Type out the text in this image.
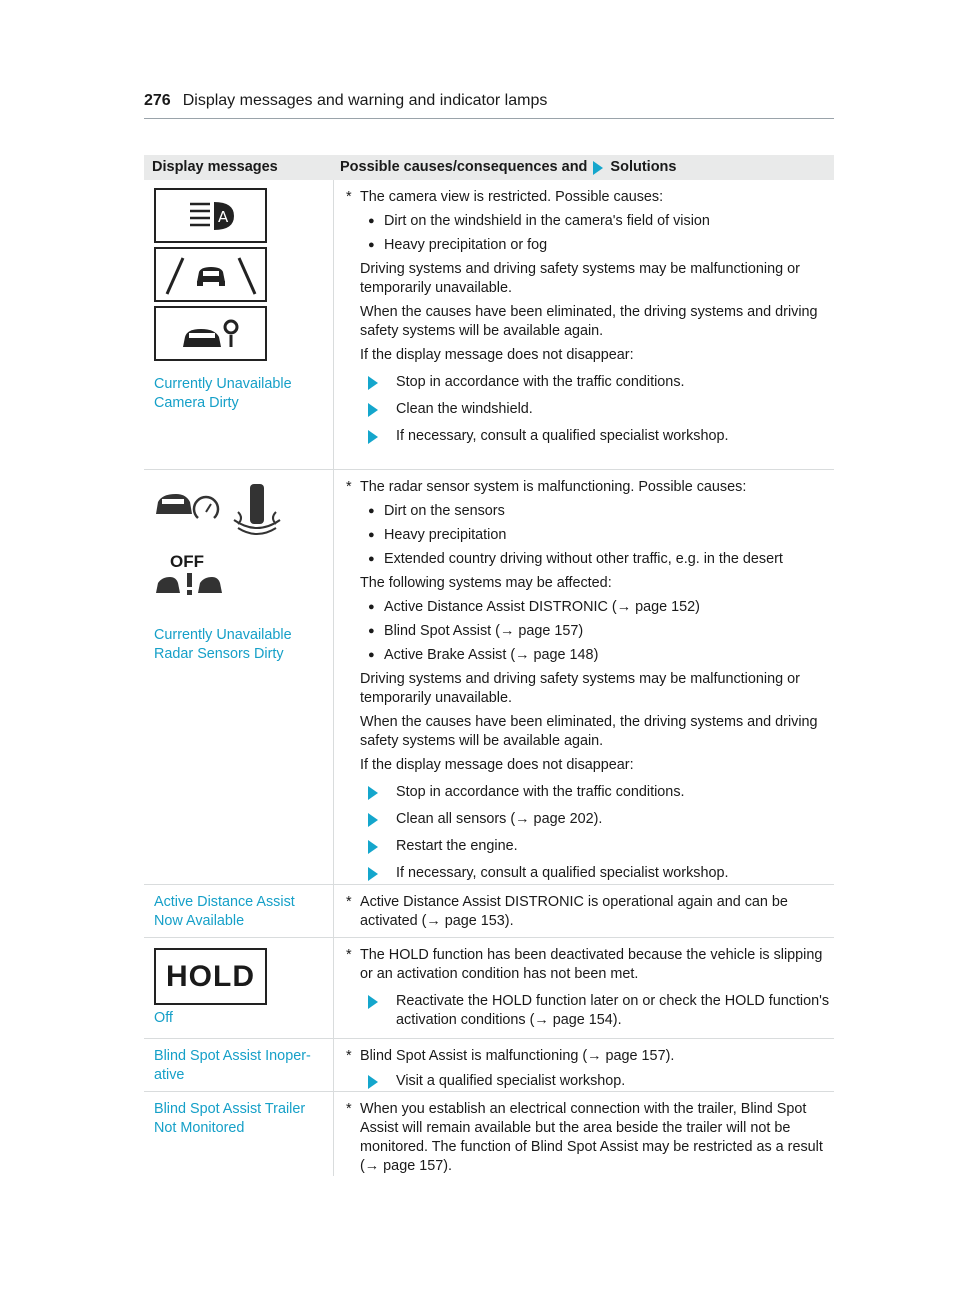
276 Display messages and warning and indicator lamps
Display messages	Possible causes/consequences and Solutions
A
Currently Unavailable
Camera Dirty
* The camera view is restricted. Possible causes:
● Dirt on the windshield in the camera's field of vision
● Heavy precipitation or fog
Driving systems and driving safety systems may be malfunctioning or temporarily unavailable.
When the causes have been eliminated, the driving systems and driving safety systems will be available again.
If the display message does not disappear:
Stop in accordance with the traffic conditions.
Clean the windshield.
If necessary, consult a qualified specialist workshop.
OFF
Currently Unavailable
Radar Sensors Dirty
* The radar sensor system is malfunctioning. Possible causes:
● Dirt on the sensors
● Heavy precipitation
● Extended country driving without other traffic, e.g. in the desert
The following systems may be affected:
● Active Distance Assist DISTRONIC (→ page 152)
● Blind Spot Assist (→ page 157)
● Active Brake Assist (→ page 148)
Driving systems and driving safety systems may be malfunctioning or temporarily unavailable.
When the causes have been eliminated, the driving systems and driving safety systems will be available again.
If the display message does not disappear:
Stop in accordance with the traffic conditions.
Clean all sensors (→ page 202).
Restart the engine.
If necessary, consult a qualified specialist workshop.
Active Distance Assist
Now Available
* Active Distance Assist DISTRONIC is operational again and can be activated (→ page 153).
HOLD
Off
* The HOLD function has been deactivated because the vehicle is slipping or an activation condition has not been met.
Reactivate the HOLD function later on or check the HOLD function's activation conditions (→ page 154).
Blind Spot Assist Inoper-
ative
* Blind Spot Assist is malfunctioning (→ page 157).
Visit a qualified specialist workshop.
Blind Spot Assist Trailer
Not Monitored
* When you establish an electrical connection with the trailer, Blind Spot Assist will remain available but the area beside the trailer will not be monitored. The function of Blind Spot Assist may be restricted as a result (→ page 157).
